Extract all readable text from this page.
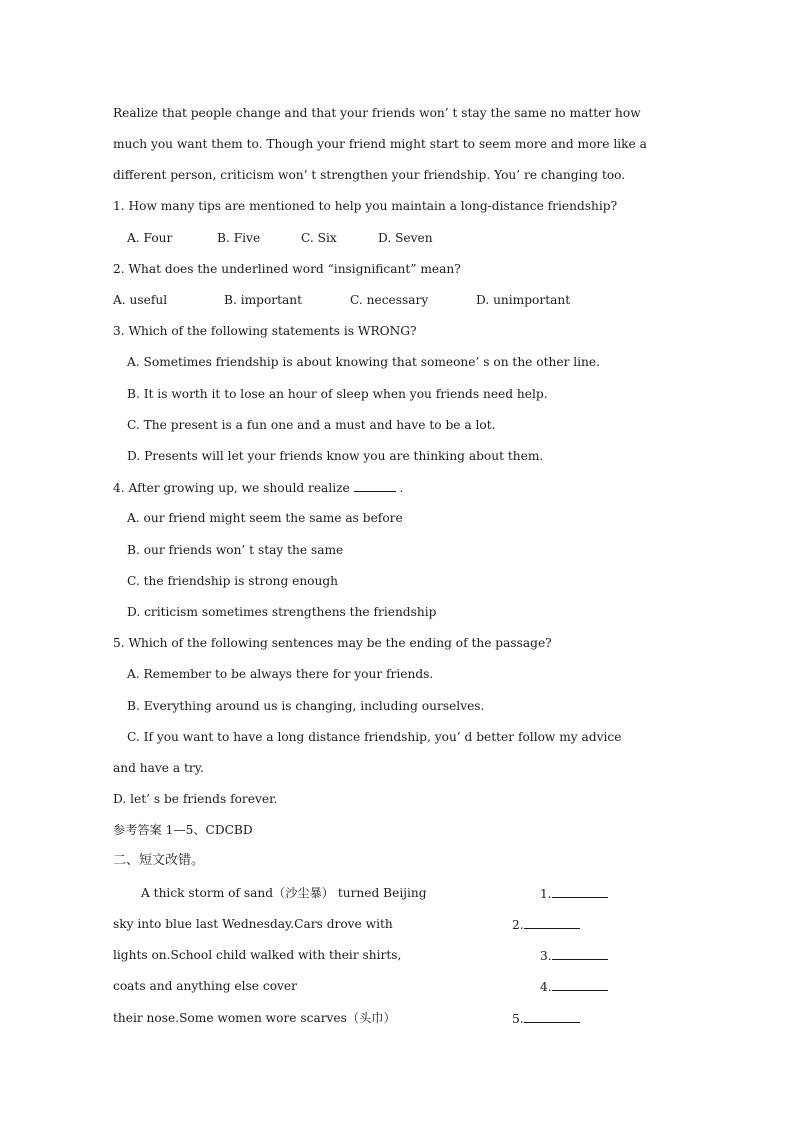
Realize that people change and that your friends won’ t stay the same no matter how
much you want them to. Though your friend might start to seem more and more like a
different person, criticism won’ t strengthen your friendship. You’ re changing too.
1. How many tips are mentioned to help you maintain a long-distance friendship?
A. Four	B. Five	C. Six	D. Seven
2. What does the underlined word “insignificant” mean?
A. useful	B. important	C. necessary	D. unimportant
3. Which of the following statements is WRONG?
A. Sometimes friendship is about knowing that someone’ s on the other line.
B. It is worth it to lose an hour of sleep when you friends need help.
C. The present is a fun one and a must and have to be a lot.
D. Presents will let your friends know you are thinking about them.
4. After growing up, we should realize	.
A. our friend might seem the same as before
B. our friends won’ t stay the same
C. the friendship is strong enough
D. criticism sometimes strengthens the friendship
5. Which of the following sentences may be the ending of the passage?
A. Remember to be always there for your friends.
B. Everything around us is changing, including ourselves.
C. If you want to have a long distance friendship, you’ d better follow my advice
and have a try.
D. let’ s be friends forever.
参考答案 1—5、CDCBD
二、短文改错。
A thick storm of sand（沙尘暴） turned Beijing	1.
sky into blue last Wednesday.Cars drove with	2.
lights on.School child walked with their shirts,	3.
coats and anything else cover	4.
their nose.Some women wore scarves（头巾）	5.
